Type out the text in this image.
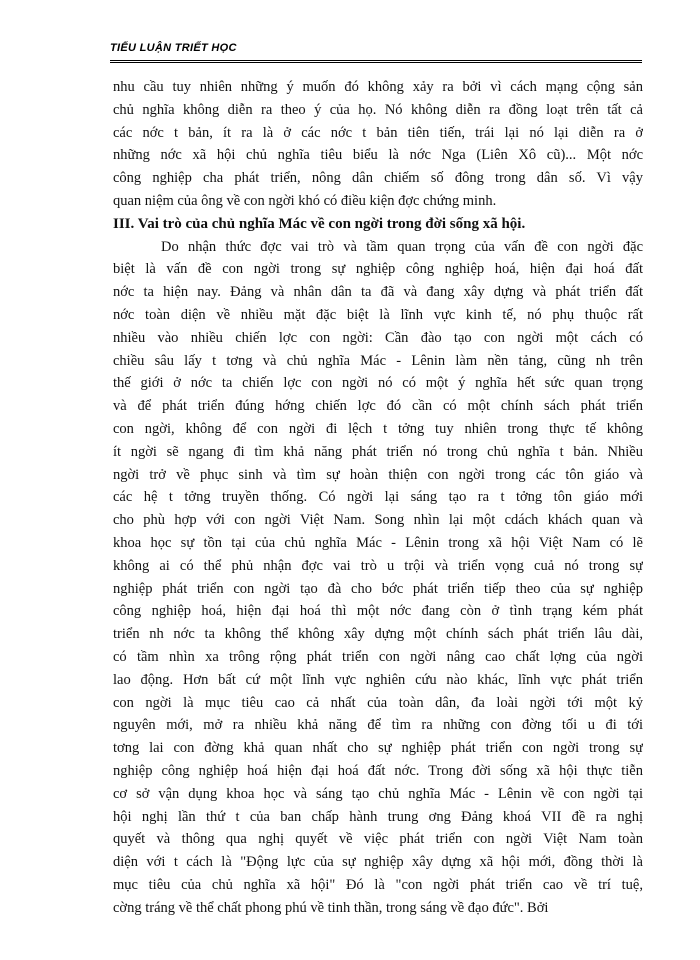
TIỂU LUẬN TRIẾT HỌC
nhu cầu tuy nhiên những ý muốn đó không xảy ra bởi vì cách mạng cộng sản
chủ nghĩa không diễn ra theo ý của họ. Nó không diễn ra đồng loạt trên tất cả
các nớc t bản, ít ra là ở các nớc t bản tiên tiến, trái lại nó lại diễn ra ở
những nớc xã hội chủ nghĩa tiêu biểu là nớc Nga (Liên Xô cũ)... Một nớc
công nghiệp cha phát triển, nông dân chiếm số đông trong dân số. Vì vậy
quan niệm của ông về con ngời khó có điều kiện đợc chứng minh.
III. Vai trò của chủ nghĩa Mác về con ngời trong đời sống xã hội.
Do nhận thức đợc vai trò và tầm quan trọng của vấn đề con ngời đặc
biệt là vấn đề con ngời trong sự nghiệp công nghiệp hoá, hiện đại hoá đất
nớc ta hiện nay. Đảng và nhân dân ta đã và đang xây dựng và phát triển đất
nớc toàn diện về nhiều mặt đặc biệt là lĩnh vực kinh tế, nó phụ thuộc rất
nhiều vào nhiều chiến lợc con ngời: Cần đào tạo con ngời một cách có
chiều sâu lấy t tơng và chủ nghĩa Mác - Lênin làm nền tảng, cũng nh trên
thế giới ở nớc ta chiến lợc con ngời nó có một ý nghĩa hết sức quan trọng
và để phát triển đúng hớng chiến lợc đó cần có một chính sách phát triển
con ngời, không để con ngời đi lệch t tởng tuy nhiên trong thực tế không
ít ngời sẽ ngang đi tìm khả năng phát triển nó trong chủ nghĩa t bản. Nhiều
ngời trở về phục sinh và tìm sự hoàn thiện con ngời trong các tôn giáo và
các hệ t tởng truyền thống. Có ngời lại sáng tạo ra t tởng tôn giáo mới
cho phù hợp với con ngời Việt Nam. Song nhìn lại một cdách khách quan và
khoa học sự tồn tại của chủ nghĩa Mác - Lênin trong xã hội Việt Nam có lẽ
không ai có thể phủ nhận đợc vai trò u trội và triển vọng cuả nó trong sự
nghiệp phát triển con ngời tạo đà cho bớc phát triển tiếp theo của sự nghiệp
công nghiệp hoá, hiện đại hoá thì một nớc đang còn ở tình trạng kém phát
triển nh nớc ta không thể không xây dựng một chính sách phát triển lâu dài,
có tầm nhìn xa trông rộng phát triển con ngời nâng cao chất lợng của ngời
lao động. Hơn bất cứ một lĩnh vực nghiên cứu nào khác, lĩnh vực phát triển
con ngời là mục tiêu cao cả nhất của toàn dân, đa loài ngời tới một kỷ
nguyên mới, mở ra nhiều khả năng để tìm ra những con đờng tối u đi tới
tơng lai con đờng khả quan nhất cho sự nghiệp phát triển con ngời trong sự
nghiệp công nghiệp hoá hiện đại hoá đất nớc. Trong đời sống xã hội thực tiễn
cơ sở vận dụng khoa học và sáng tạo chủ nghĩa Mác - Lênin về con ngời tại
hội nghị lần thứ t của ban chấp hành trung ơng Đảng khoá VII đề ra nghị
quyết và thông qua nghị quyết về việc phát triển con ngời Việt Nam toàn
diện với t cách là "Động lực của sự nghiệp xây dựng xã hội mới, đồng thời là
mục tiêu của chủ nghĩa xã hội" Đó là "con ngời phát triển cao về trí tuệ,
cờng tráng về thể chất phong phú về tinh thần, trong sáng về đạo đức". Bởi
